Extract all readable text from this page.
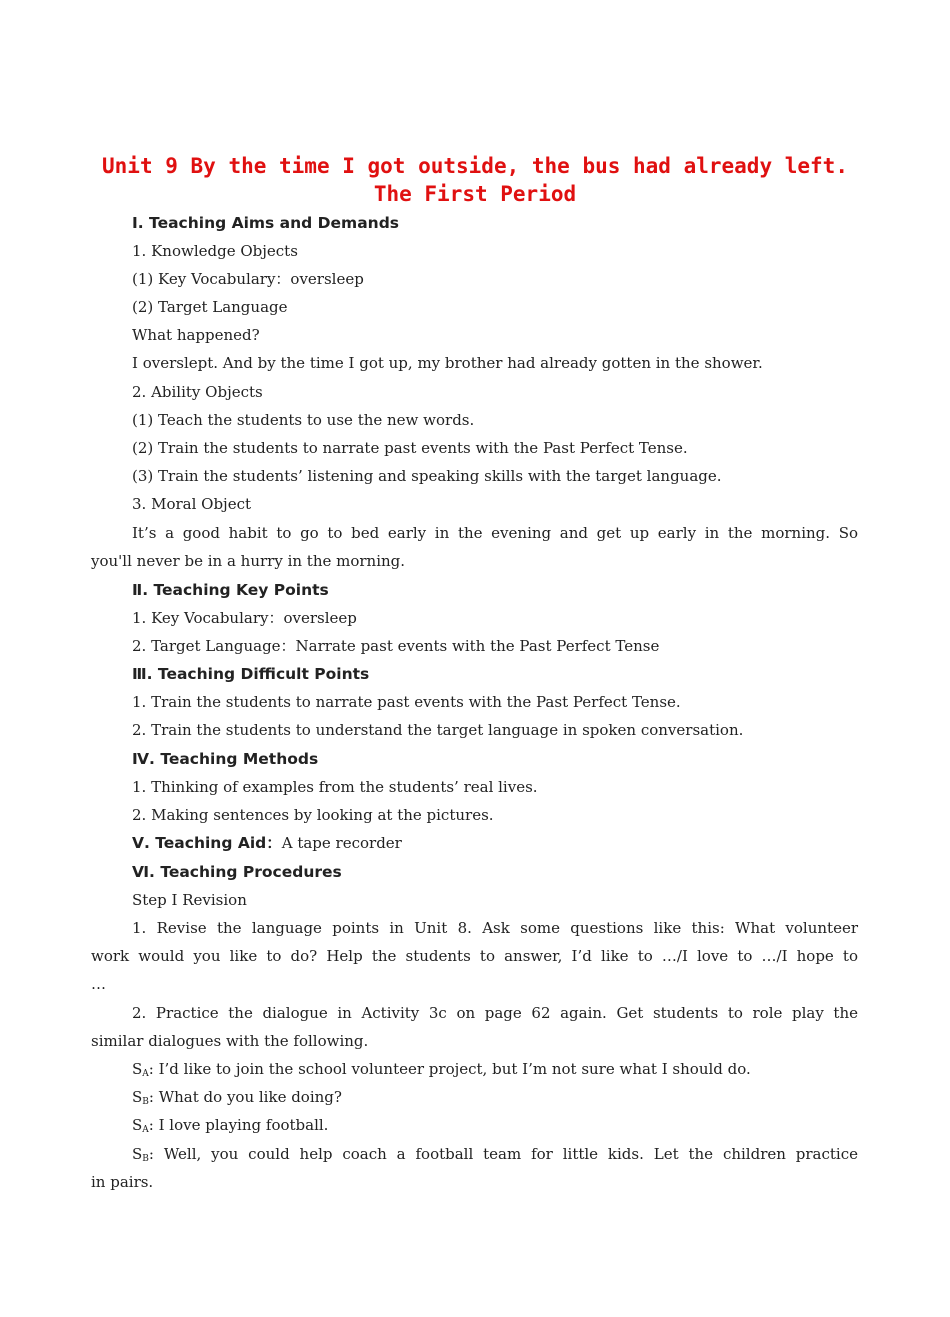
Unit 9 By the time I got outside, the bus had already left.
The First Period
Ⅰ. Teaching Aims and Demands
1. Knowledge Objects
(1) Key Vocabulary：oversleep
(2) Target Language
What happened?
I overslept. And by the time I got up, my brother had already gotten in the shower.
2. Ability Objects
(1) Teach the students to use the new words.
(2) Train the students to narrate past events with the Past Perfect Tense.
(3) Train the students’ listening and speaking skills with the target language.
3. Moral Object
It’s a good habit to go to bed early in the evening and get up early in the morning. So
you'll never be in a hurry in the morning.
Ⅱ. Teaching Key Points
1. Key Vocabulary：oversleep
2. Target Language：Narrate past events with the Past Perfect Tense
Ⅲ. Teaching Difficult Points
1. Train the students to narrate past events with the Past Perfect Tense.
2. Train the students to understand the target language in spoken conversation.
Ⅳ. Teaching Methods
1. Thinking of examples from the students’ real lives.
2. Making sentences by looking at the pictures.
Ⅴ. Teaching Aid：A tape recorder
Ⅵ. Teaching Procedures
Step Ⅰ Revision
1. Revise the language points in Unit 8. Ask some questions like this: What volunteer
work would you like to do? Help the students to answer, I’d like to …/I love to …/I hope to
…
2. Practice the dialogue in Activity 3c on page 62 again. Get students to role play the
similar dialogues with the following.
$S_A$: I’d like to join the school volunteer project, but I’m not sure what I should do.
$S_B$: What do you like doing?
$S_A$: I love playing football.
$S_B$: Well, you could help coach a football team for little kids. Let the children practice
in pairs.
